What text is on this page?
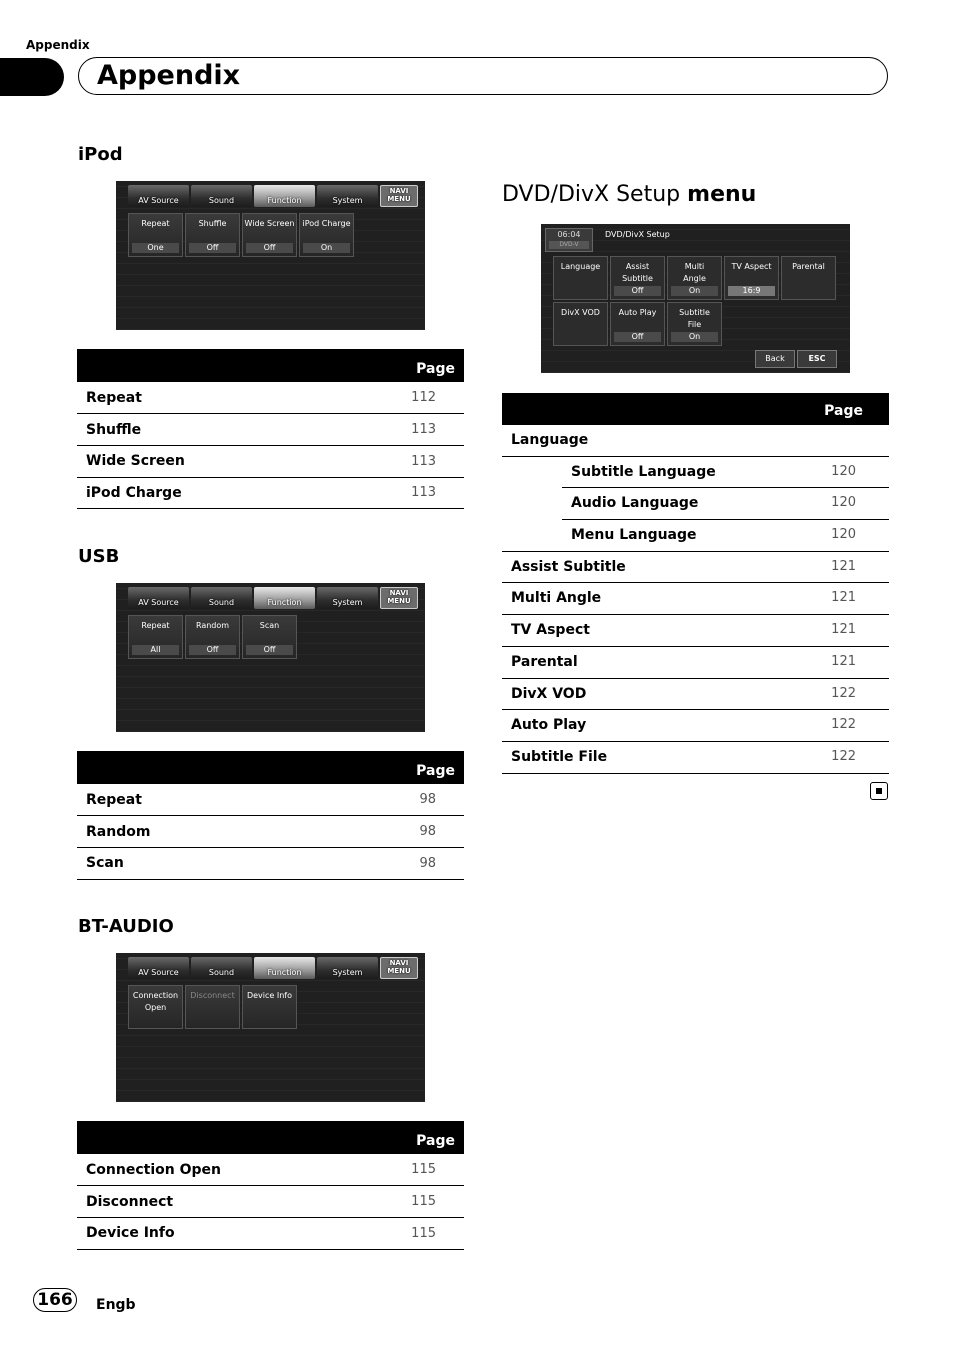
Appendix
Appendix
iPod
AV Source	Sound	Function	System
NAVI
MENU
Repeat
One
Shuffle
Off
Wide Screen
Off
iPod Charge
On
	Page
Repeat	112
Shuffle	113
Wide Screen	113
iPod Charge	113
USB
AV Source	Sound	Function	System
NAVI
MENU
Repeat
All
Random
Off
Scan
Off
	Page
Repeat	98
Random	98
Scan	98
BT-AUDIO
AV Source	Sound	Function	System
NAVI
MENU
Connection
Open
Disconnect	Device Info
	Page
Connection Open	115
Disconnect	115
Device Info	115
DVD/DivX Setup menu
06:04
DVD-V
DVD/DivX Setup
Language	Assist
Subtitle
Off
Multi
Angle
On
TV Aspect
16:9
Parental
DivX VOD	Auto Play
Off
Subtitle
File
On
Back	ESC
Page
Language
Subtitle Language	120
Audio Language	120
Menu Language	120
Assist Subtitle	121
Multi Angle	121
TV Aspect	121
Parental	121
DivX VOD	122
Auto Play	122
Subtitle File	122
166	Engb
